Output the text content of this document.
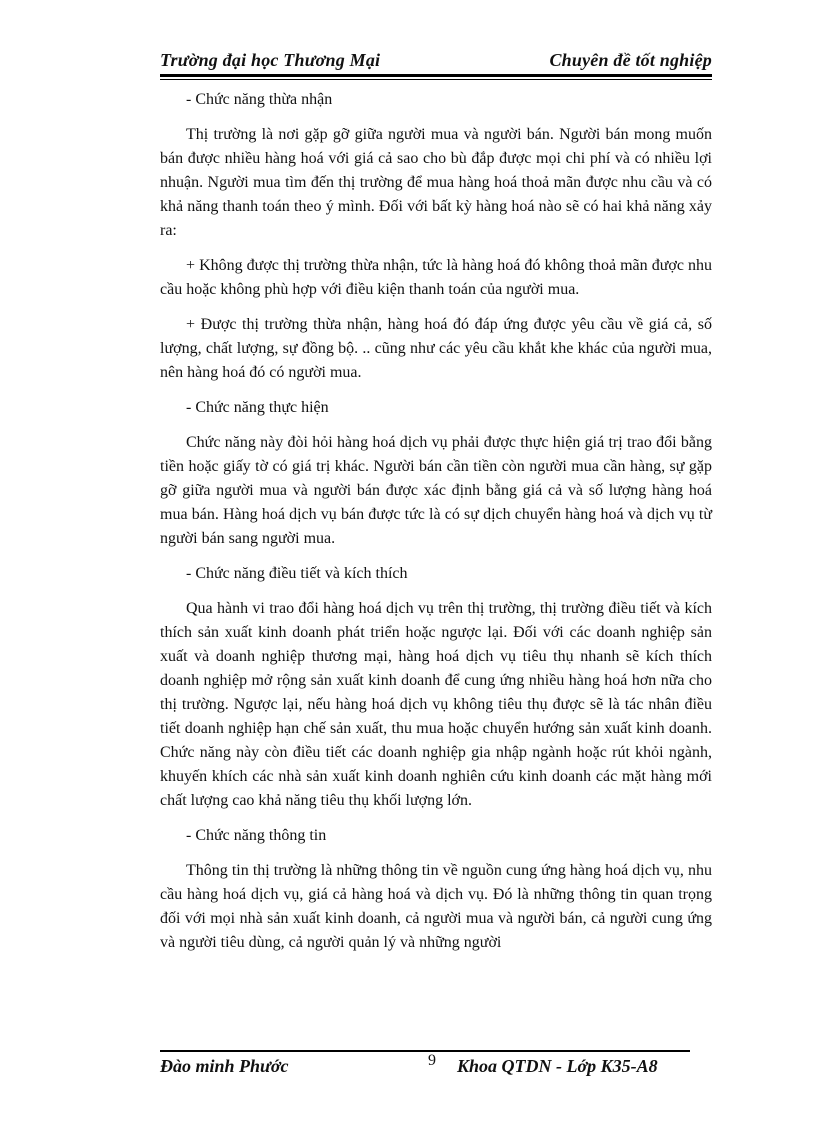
Trường đại học Thương Mại	Chuyên đề tốt nghiệp

- Chức năng thừa nhận

Thị trường là nơi gặp gỡ giữa người mua và người bán. Người bán mong muốn bán được nhiều hàng hoá với giá cả sao cho bù đắp được mọi chi phí và có nhiều lợi nhuận. Người mua tìm đến thị trường để mua hàng hoá thoả mãn được nhu cầu và có khả năng thanh toán theo ý mình. Đối với bất kỳ hàng hoá nào sẽ có hai khả năng xảy ra:

+ Không được thị trường thừa nhận, tức là hàng hoá đó không thoả mãn được nhu cầu hoặc không phù hợp với điều kiện thanh toán của người mua.

+ Được thị trường thừa nhận, hàng hoá đó đáp ứng được yêu cầu về giá cả, số lượng, chất lượng, sự đồng bộ. .. cũng như các yêu cầu khắt khe khác của người mua, nên hàng hoá đó có người mua.

- Chức năng thực hiện

Chức năng này đòi hỏi hàng hoá dịch vụ phải được thực hiện giá trị trao đổi bằng tiền hoặc giấy tờ có giá trị khác. Người bán cần tiền còn người mua cần hàng, sự gặp gỡ giữa người mua và người bán được xác định bằng giá cả và số lượng hàng hoá mua bán. Hàng hoá dịch vụ bán được tức là có sự dịch chuyển hàng hoá và dịch vụ từ người bán sang người mua.

- Chức năng điều tiết và kích thích

Qua hành vi trao đổi hàng hoá dịch vụ trên thị trường, thị trường điều tiết và kích thích sản xuất kinh doanh phát triển hoặc ngược lại. Đối với các doanh nghiệp sản xuất và doanh nghiệp thương mại, hàng hoá dịch vụ tiêu thụ nhanh sẽ kích thích doanh nghiệp mở rộng sản xuất kinh doanh để cung ứng nhiều hàng hoá hơn nữa cho thị trường. Ngược lại, nếu hàng hoá dịch vụ không tiêu thụ được sẽ là tác nhân điều tiết doanh nghiệp hạn chế sản xuất, thu mua hoặc chuyển hướng sản xuất kinh doanh. Chức năng này còn điều tiết các doanh nghiệp gia nhập ngành hoặc rút khỏi ngành, khuyến khích các nhà sản xuất kinh doanh nghiên cứu kinh doanh các mặt hàng mới chất lượng cao khả năng tiêu thụ khối lượng lớn.

- Chức năng thông tin

Thông tin thị trường là những thông tin về nguồn cung ứng hàng hoá dịch vụ, nhu cầu hàng hoá dịch vụ, giá cả hàng hoá và dịch vụ. Đó là những thông tin quan trọng đối với mọi nhà sản xuất kinh doanh, cả người mua và người bán, cả người cung ứng và người tiêu dùng, cả người quản lý và những người

Đào minh Phước	9 Khoa QTDN - Lớp K35-A8
